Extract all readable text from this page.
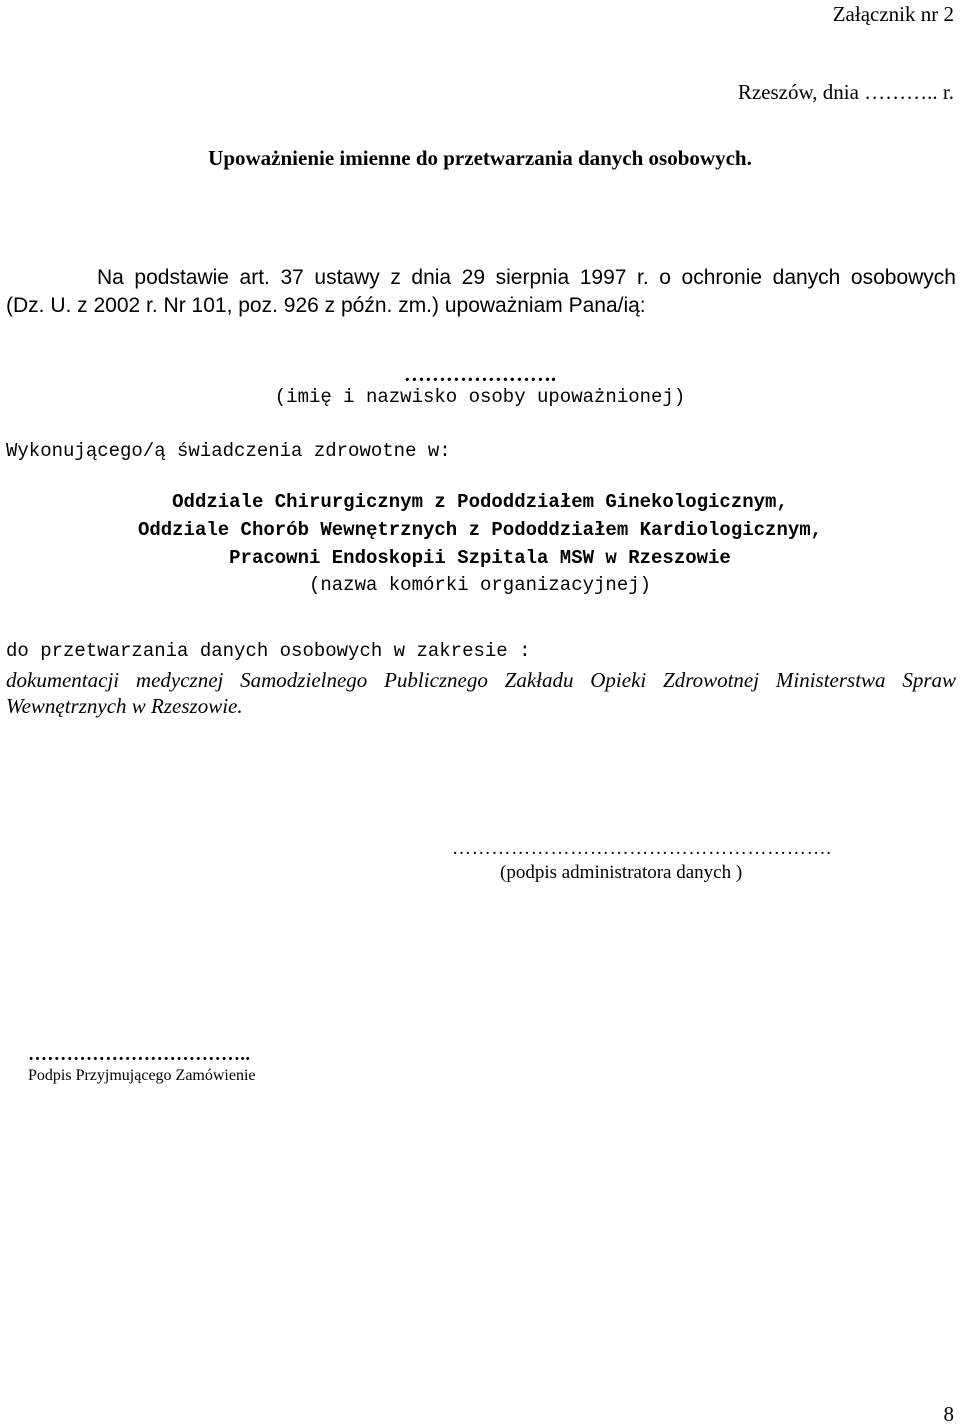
Załącznik nr 2
Rzeszów, dnia ……….. r.
Upoważnienie imienne do przetwarzania danych osobowych.
Na podstawie art. 37 ustawy z dnia 29 sierpnia 1997 r. o ochronie danych osobowych
(Dz. U. z 2002 r. Nr 101, poz. 926 z późn. zm.) upoważniam Pana/ią:
………………….
(imię i nazwisko osoby upoważnionej)
Wykonującego/ą świadczenia zdrowotne w:
Oddziale Chirurgicznym z Pododdziałem Ginekologicznym,
Oddziale Chorób Wewnętrznych z Pododdziałem Kardiologicznym,
Pracowni Endoskopii Szpitala MSW w Rzeszowie
(nazwa komórki organizacyjnej)
do przetwarzania danych osobowych w zakresie :
dokumentacji medycznej Samodzielnego Publicznego Zakładu Opieki Zdrowotnej Ministerstwa Spraw
Wewnętrznych w Rzeszowie.
………………………………………………….
(podpis administratora danych )
……………………………..
Podpis Przyjmującego Zamówienie
8
